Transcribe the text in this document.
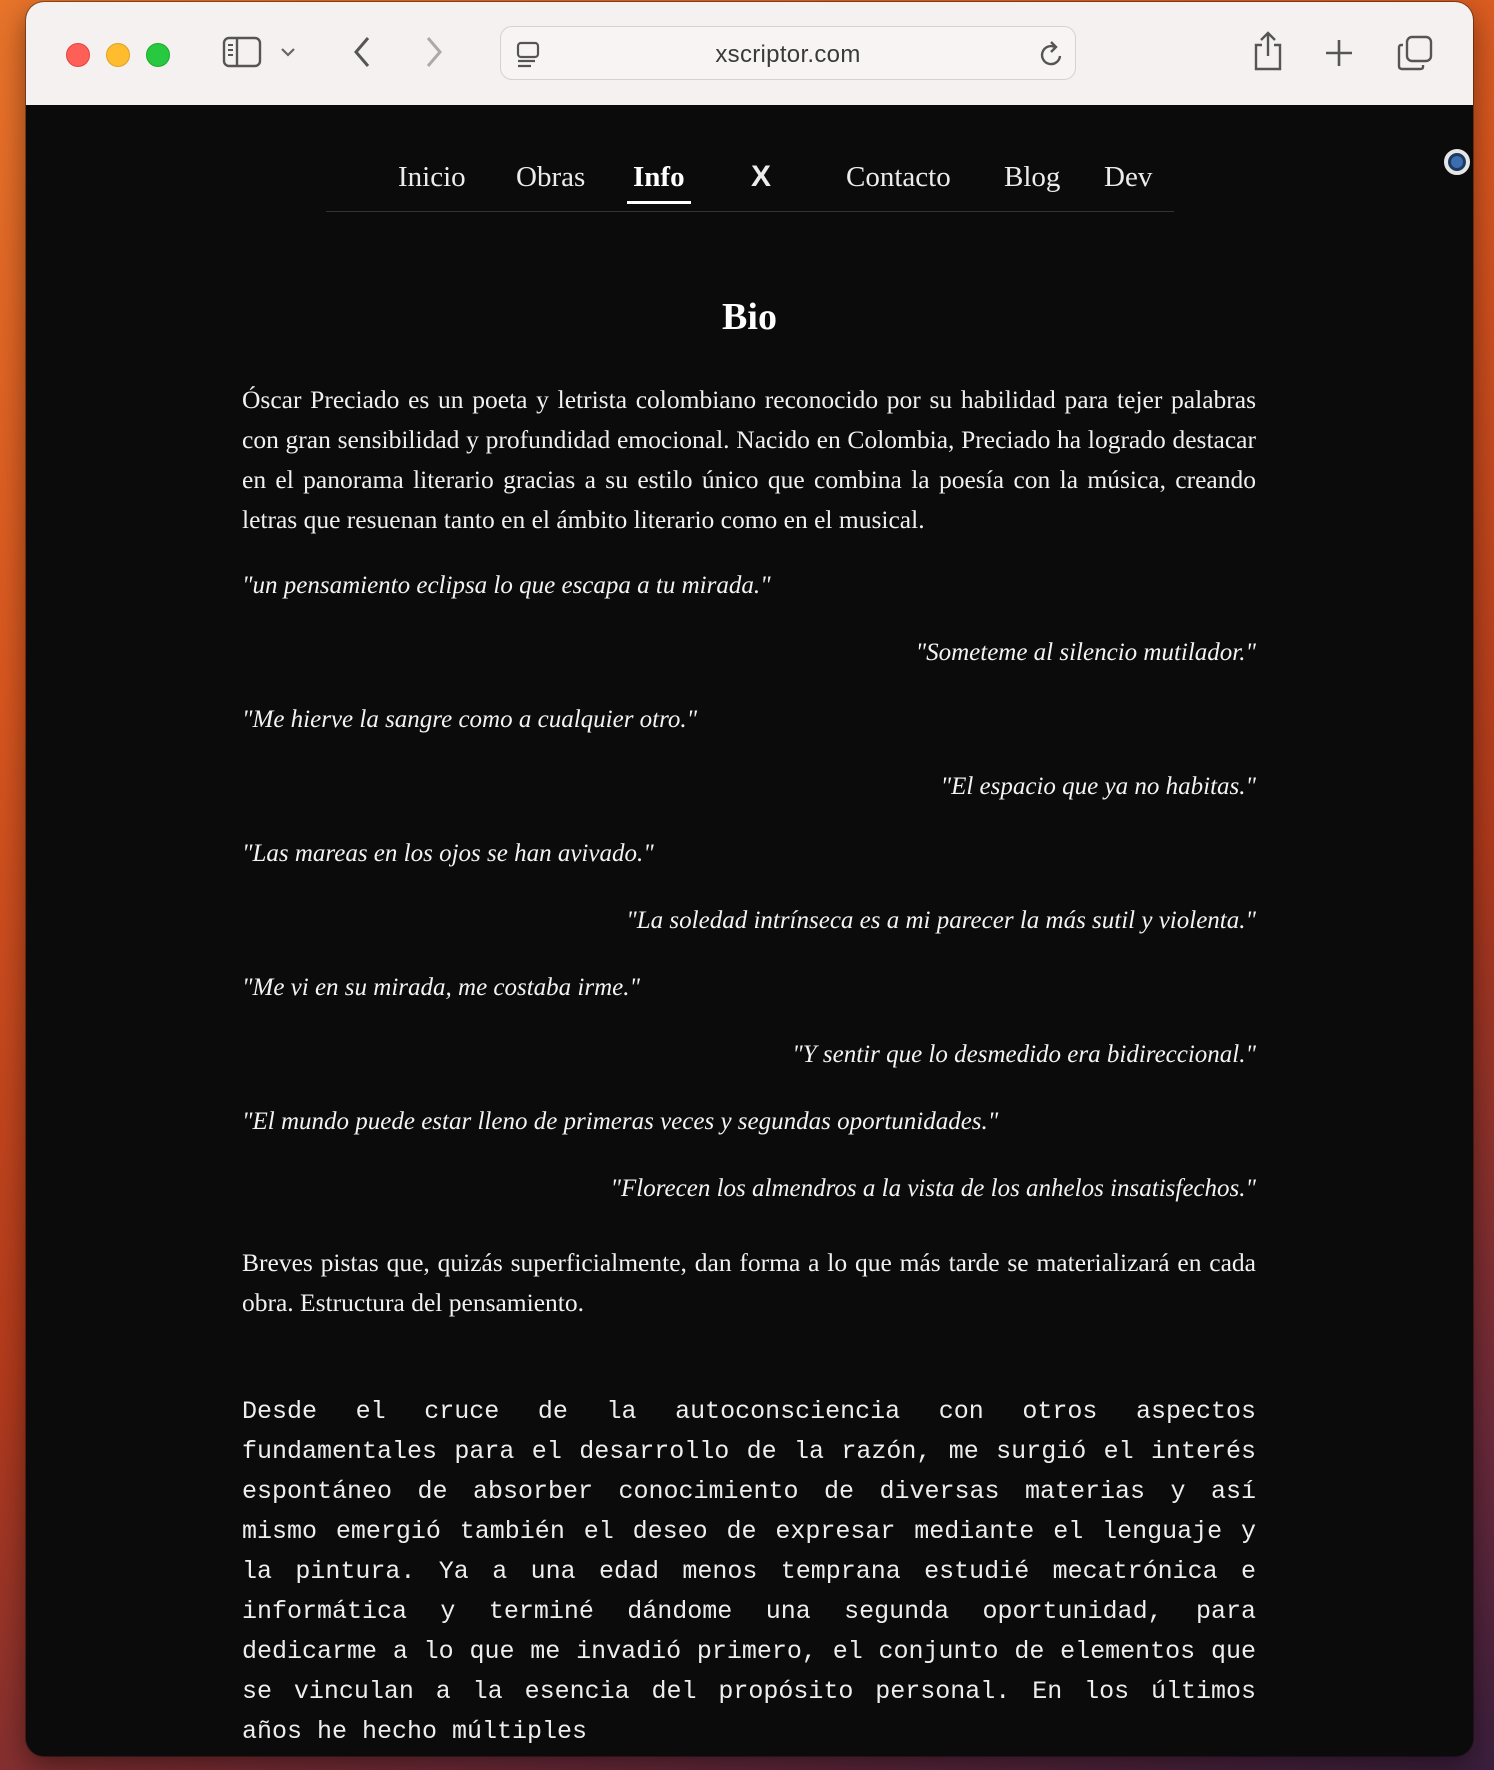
xscriptor.com
Inicio Obras Info X	Contacto Blog Dev
Bio

Óscar Preciado es un poeta y letrista colombiano reconocido por su habilidad para tejer palabras con gran sensibilidad y profundidad emocional. Nacido en Colombia, Preciado ha logrado destacar en el panorama literario gracias a su estilo único que combina la poesía con la música, creando letras que resuenan tanto en el ámbito literario como en el musical.

"un pensamiento eclipsa lo que escapa a tu mirada."
"Someteme al silencio mutilador."
"Me hierve la sangre como a cualquier otro."
"El espacio que ya no habitas."
"Las mareas en los ojos se han avivado."
"La soledad intrínseca es a mi parecer la más sutil y violenta."
"Me vi en su mirada, me costaba irme."
"Y sentir que lo desmedido era bidireccional."
"El mundo puede estar lleno de primeras veces y segundas oportunidades."
"Florecen los almendros a la vista de los anhelos insatisfechos."

Breves pistas que, quizás superficialmente, dan forma a lo que más tarde se materializará en cada obra. Estructura del pensamiento.

Desde el cruce de la autoconsciencia con otros aspectos fundamentales para el desarrollo de la razón, me surgió el interés espontáneo de absorber conocimiento de diversas materias y así mismo emergió también el deseo de expresar mediante el lenguaje y la pintura. Ya a una edad menos temprana estudié mecatrónica e informática y terminé dándome una segunda oportunidad, para dedicarme a lo que me invadió primero, el conjunto de elementos que se vinculan a la esencia del propósito personal. En los últimos años he hecho múltiples
